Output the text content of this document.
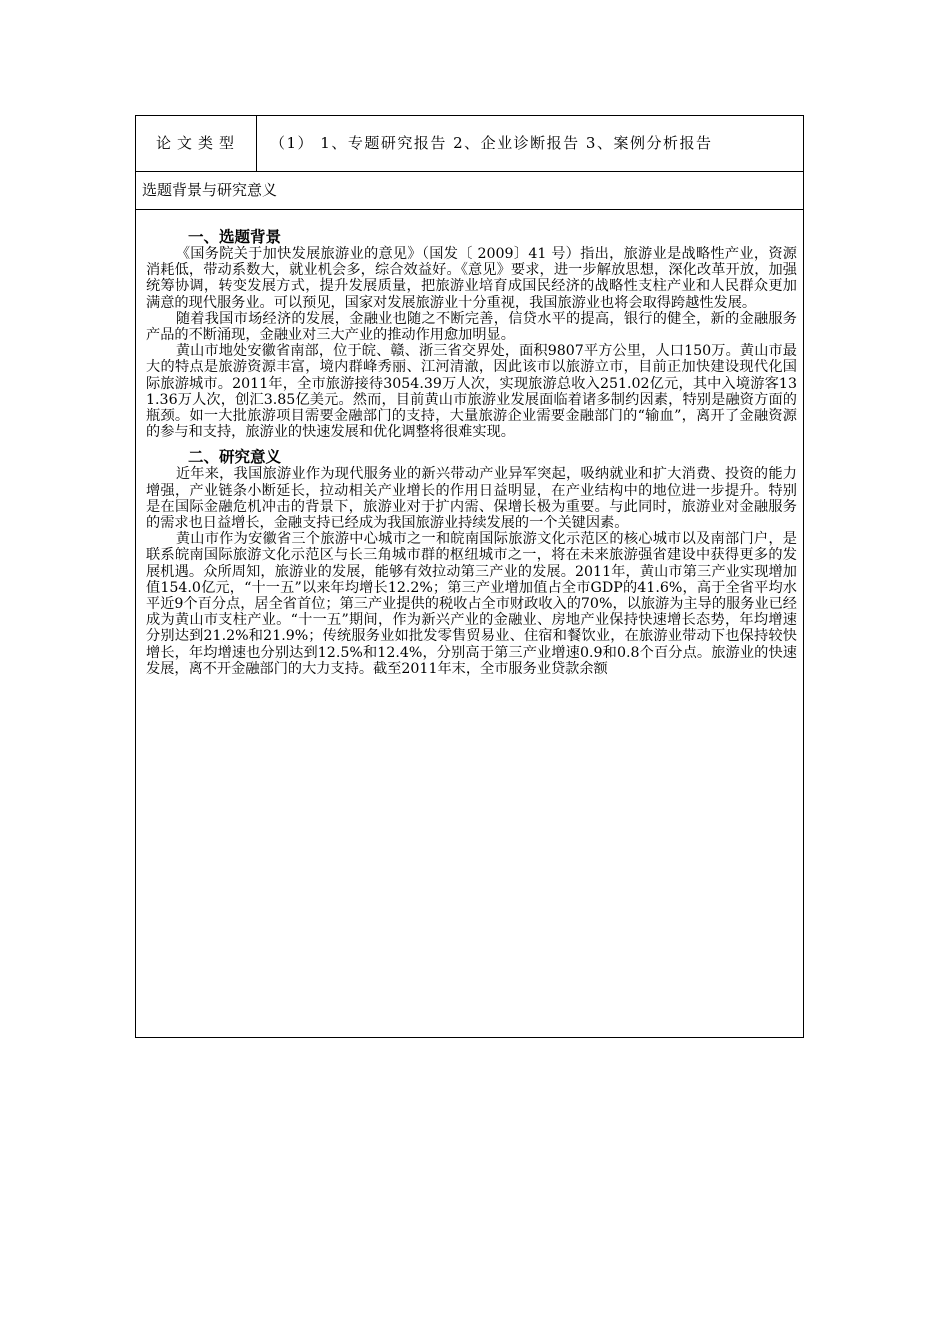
论文类型	（1） 1、专题研究报告 2、企业诊断报告 3、案例分析报告
选题背景与研究意义

一、选题背景

《国务院关于加快发展旅游业的意见》（国发〔 2009〕41 号）指出，旅游业是战略性产业，资源消耗低，带动系数大，就业机会多，综合效益好。《意见》要求，进一步解放思想，深化改革开放，加强统筹协调，转变发展方式，提升发展质量，把旅游业培育成国民经济的战略性支柱产业和人民群众更加满意的现代服务业。可以预见，国家对发展旅游业十分重视，我国旅游业也将会取得跨越性发展。

随着我国市场经济的发展，金融业也随之不断完善，信贷水平的提高，银行的健全，新的金融服务产品的不断涌现，金融业对三大产业的推动作用愈加明显。

黄山市地处安徽省南部，位于皖、赣、浙三省交界处，面积9807平方公里，人口150万。黄山市最大的特点是旅游资源丰富，境内群峰秀丽、江河清澈，因此该市以旅游立市，目前正加快建设现代化国际旅游城市。2011年，全市旅游接待3054.39万人次，实现旅游总收入251.02亿元，其中入境游客131.36万人次，创汇3.85亿美元。然而，目前黄山市旅游业发展面临着诸多制约因素，特别是融资方面的瓶颈。如一大批旅游项目需要金融部门的支持，大量旅游企业需要金融部门的“输血”，离开了金融资源的参与和支持，旅游业的快速发展和优化调整将很难实现。

二、研究意义

近年来，我国旅游业作为现代服务业的新兴带动产业异军突起，吸纳就业和扩大消费、投资的能力增强，产业链条小断延长，拉动相关产业增长的作用日益明显，在产业结构中的地位进一步提升。特别是在国际金融危机冲击的背景下，旅游业对于扩内需、保增长极为重要。与此同时，旅游业对金融服务的需求也日益增长，金融支持已经成为我国旅游业持续发展的一个关键因素。

黄山市作为安徽省三个旅游中心城市之一和皖南国际旅游文化示范区的核心城市以及南部门户，是联系皖南国际旅游文化示范区与长三角城市群的枢纽城市之一，将在未来旅游强省建设中获得更多的发展机遇。众所周知，旅游业的发展，能够有效拉动第三产业的发展。2011年，黄山市第三产业实现增加值154.0亿元，“十一五”以来年均增长12.2%；第三产业增加值占全市GDP的41.6%，高于全省平均水平近9个百分点，居全省首位；第三产业提供的税收占全市财政收入的70%，以旅游为主导的服务业已经成为黄山市支柱产业。“十一五”期间，作为新兴产业的金融业、房地产业保持快速增长态势，年均增速分别达到21.2%和21.9%；传统服务业如批发零售贸易业、住宿和餐饮业，在旅游业带动下也保持较快增长，年均增速也分别达到12.5%和12.4%，分别高于第三产业增速0.9和0.8个百分点。旅游业的快速发展，离不开金融部门的大力支持。截至2011年末，全市服务业贷款余额
